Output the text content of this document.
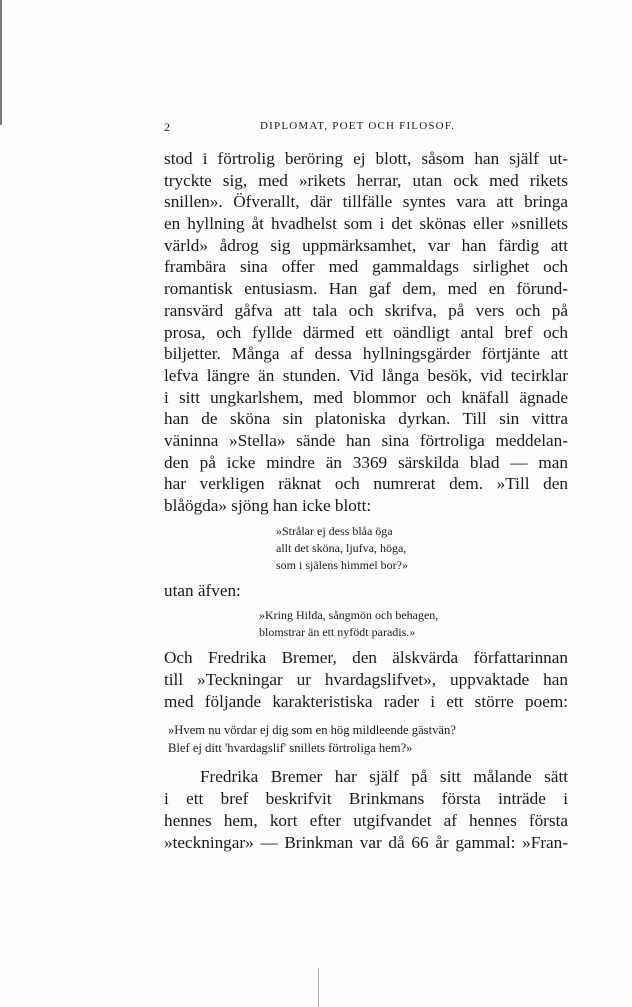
2	DIPLOMAT, POET OCH FILOSOF.
stod i förtrolig beröring ej blott, såsom han själf ut-
tryckte sig, med »rikets herrar, utan ock med rikets
snillen». Öfverallt, där tillfälle syntes vara att bringa
en hyllning åt hvadhelst som i det skönas eller »snillets
värld» ådrog sig uppmärksamhet, var han färdig att
frambära sina offer med gammaldags sirlighet och
romantisk entusiasm. Han gaf dem, med en förund-
ransvärd gåfva att tala och skrifva, på vers och på
prosa, och fyllde därmed ett oändligt antal bref och
biljetter. Många af dessa hyllningsgärder förtjänte att
lefva längre än stunden. Vid långa besök, vid tecirklar
i sitt ungkarlshem, med blommor och knäfall ägnade
han de sköna sin platoniska dyrkan. Till sin vittra
väninna »Stella» sände han sina förtroliga meddelan-
den på icke mindre än 3369 särskilda blad — man
har verkligen räknat och numrerat dem. »Till den
blåögda» sjöng han icke blott:
»Strålar ej dess blåa öga
allt det sköna, ljufva, höga,
som i själens himmel bor?»
utan äfven:
»Kring Hilda, sångmön och behagen,
blomstrar än ett nyfödt paradis.»
Och Fredrika Bremer, den älskvärda författarinnan
till »Teckningar ur hvardagslifvet», uppvaktade han
med följande karakteristiska rader i ett större poem:
»Hvem nu vördar ej dig som en hög mildleende gästvän?
Blef ej ditt 'hvardagslif' snillets förtroliga hem?»
Fredrika Bremer har själf på sitt målande sätt
i ett bref beskrifvit Brinkmans första inträde i
hennes hem, kort efter utgifvandet af hennes första
»teckningar» — Brinkman var då 66 år gammal: »Fran-
